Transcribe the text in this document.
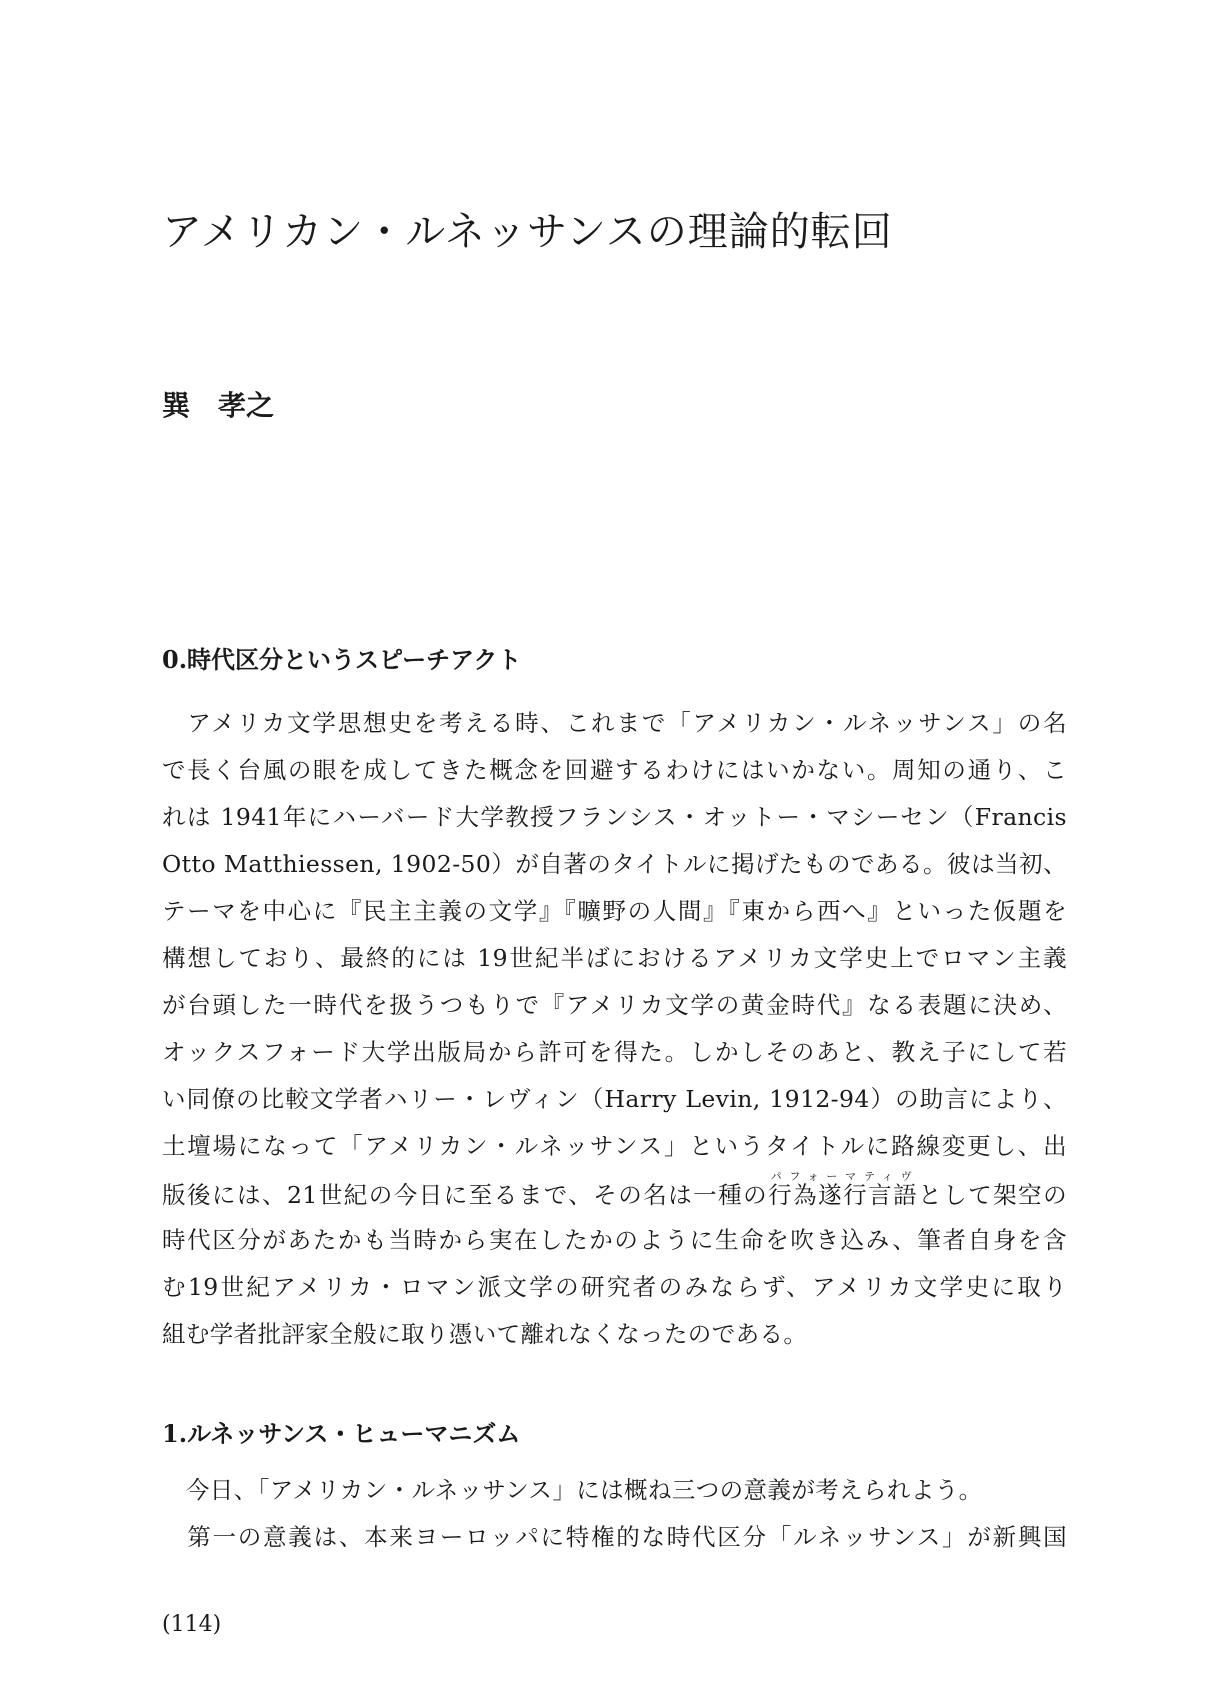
アメリカン・ルネッサンスの理論的転回
巽　孝之
0.時代区分というスピーチアクト
　アメリカ文学思想史を考える時、これまで「アメリカン・ルネッサンス」の名
で長く台風の眼を成してきた概念を回避するわけにはいかない。周知の通り、こ
れは 1941年にハーバード大学教授フランシス・オットー・マシーセン（Francis
Otto Matthiessen, 1902-50）が自著のタイトルに掲げたものである。彼は当初、
テーマを中心に『民主主義の文学』『曠野の人間』『東から西へ』といった仮題を
構想しており、最終的には 19世紀半ばにおけるアメリカ文学史上でロマン主義
が台頭した一時代を扱うつもりで『アメリカ文学の黄金時代』なる表題に決め、
オックスフォード大学出版局から許可を得た。しかしそのあと、教え子にして若
い同僚の比較文学者ハリー・レヴィン（Harry Levin, 1912-94）の助言により、
土壇場になって「アメリカン・ルネッサンス」というタイトルに路線変更し、出
版後には、21世紀の今日に至るまで、その名は一種の行為遂行言語パフォーマティヴとして架空の
時代区分があたかも当時から実在したかのように生命を吹き込み、筆者自身を含
む19世紀アメリカ・ロマン派文学の研究者のみならず、アメリカ文学史に取り
組む学者批評家全般に取り憑いて離れなくなったのである。
1.ルネッサンス・ヒューマニズム
　今日、「アメリカン・ルネッサンス」には概ね三つの意義が考えられよう。
　第一の意義は、本来ヨーロッパに特権的な時代区分「ルネッサンス」が新興国
(114)
